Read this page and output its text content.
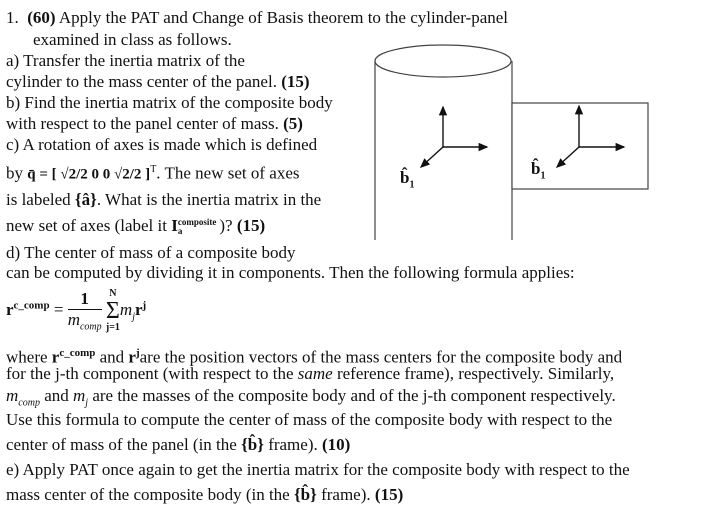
$b̂_1$
$b̂_1$
1. (60) Apply the PAT and Change of Basis theorem to the cylinder-panel
examined in class as follows.
a) Transfer the inertia matrix of the
cylinder to the mass center of the panel. (15)
b) Find the inertia matrix of the composite body
with respect to the panel center of mass. (5)
c) A rotation of axes is made which is defined
by q̄ = [ √2/2 0 0 √2/2 ]$^T$. The new set of axes
is labeled {â}. What is the inertia matrix in the
new set of axes (label it I composite
a	)? (15)
d) The center of mass of a composite body
can be computed by dividing it in components. Then the following formula applies:
$r^{c\_comp} = \frac{1}{m_{comp}}$
N
Σ
j=1
$m_jr^j$
where $r^{c\_comp}$ and $r^jare$ the position vectors of the mass centers for the composite body and
for the j-th component (with respect to the same reference frame), respectively. Similarly,
$m_{comp}$ and $m_j$ are the masses of the composite body and of the j-th component respectively.
Use this formula to compute the center of mass of the composite body with respect to the
center of mass of the panel (in the {b̂} frame). (10)
e) Apply PAT once again to get the inertia matrix for the composite body with respect to the
mass center of the composite body (in the {b̂} frame). (15)
